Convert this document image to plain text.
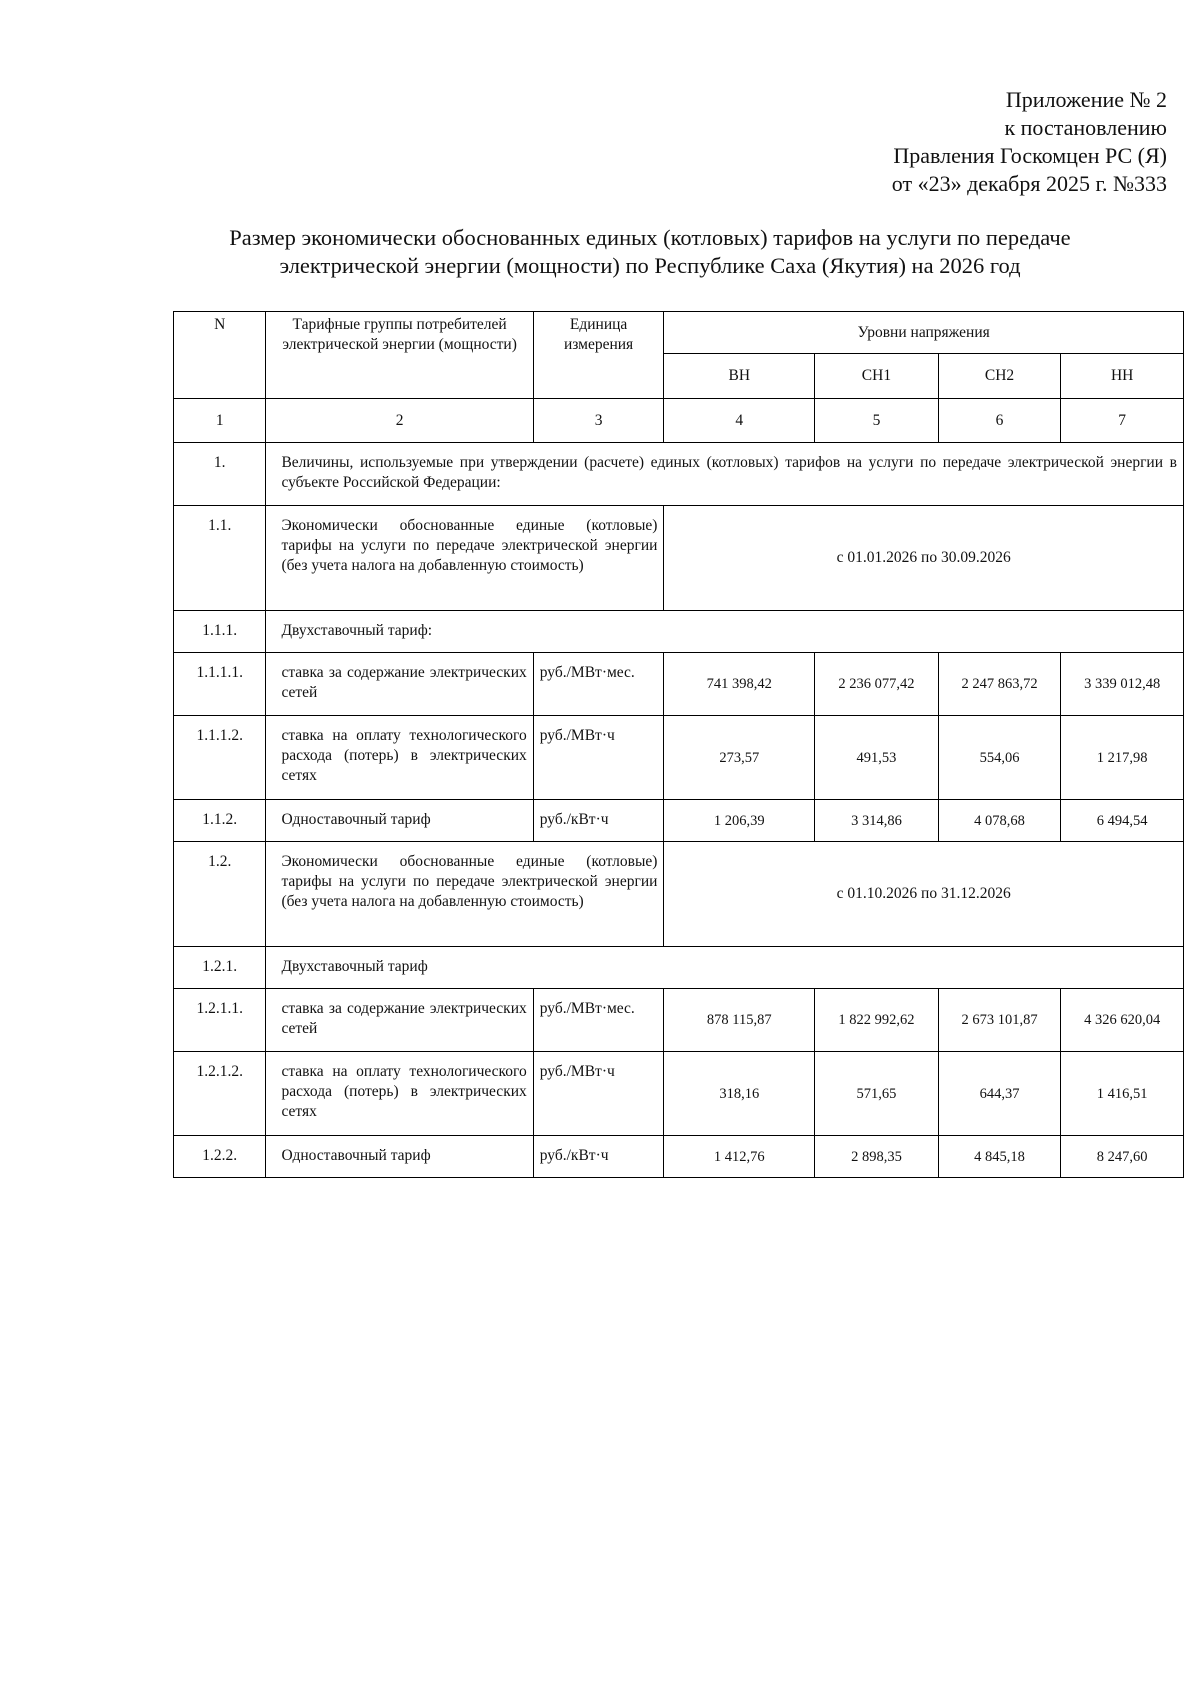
Приложение № 2
к постановлению
Правления Госкомцен РС (Я)
от «23» декабря 2025 г. №333
Размер экономически обоснованных единых (котловых) тарифов на услуги по передаче
электрической энергии (мощности) по Республике Саха (Якутия) на 2026 год
N	Тарифные группы потребителей электрической энергии (мощности)	Единица измерения	Уровни напряжения			
			ВН	СН1	СН2	НН
1	2	3	4	5	6	7
1.	Величины, используемые при утверждении (расчете) единых (котловых) тарифов на услуги по передаче электрической энергии в субъекте Российской Федерации:					
1.1.	Экономически обоснованные единые (котловые) тарифы на услуги по передаче электрической энергии (без учета налога на добавленную стоимость)		с 01.01.2026 по 30.09.2026			
1.1.1.	Двухставочный тариф:					
1.1.1.1.	ставка за содержание электрических сетей	руб./МВт·мес.	741 398,42	2 236 077,42	2 247 863,72	3 339 012,48
1.1.1.2.	ставка на оплату технологического расхода (потерь) в электрических сетях	руб./МВт·ч	273,57	491,53	554,06	1 217,98
1.1.2.	Одноставочный тариф	руб./кВт·ч	1 206,39	3 314,86	4 078,68	6 494,54
1.2.	Экономически обоснованные единые (котловые) тарифы на услуги по передаче электрической энергии (без учета налога на добавленную стоимость)		с 01.10.2026 по 31.12.2026			
1.2.1.	Двухставочный тариф					
1.2.1.1.	ставка за содержание электрических сетей	руб./МВт·мес.	878 115,87	1 822 992,62	2 673 101,87	4 326 620,04
1.2.1.2.	ставка на оплату технологического расхода (потерь) в электрических сетях	руб./МВт·ч	318,16	571,65	644,37	1 416,51
1.2.2.	Одноставочный тариф	руб./кВт·ч	1 412,76	2 898,35	4 845,18	8 247,60
